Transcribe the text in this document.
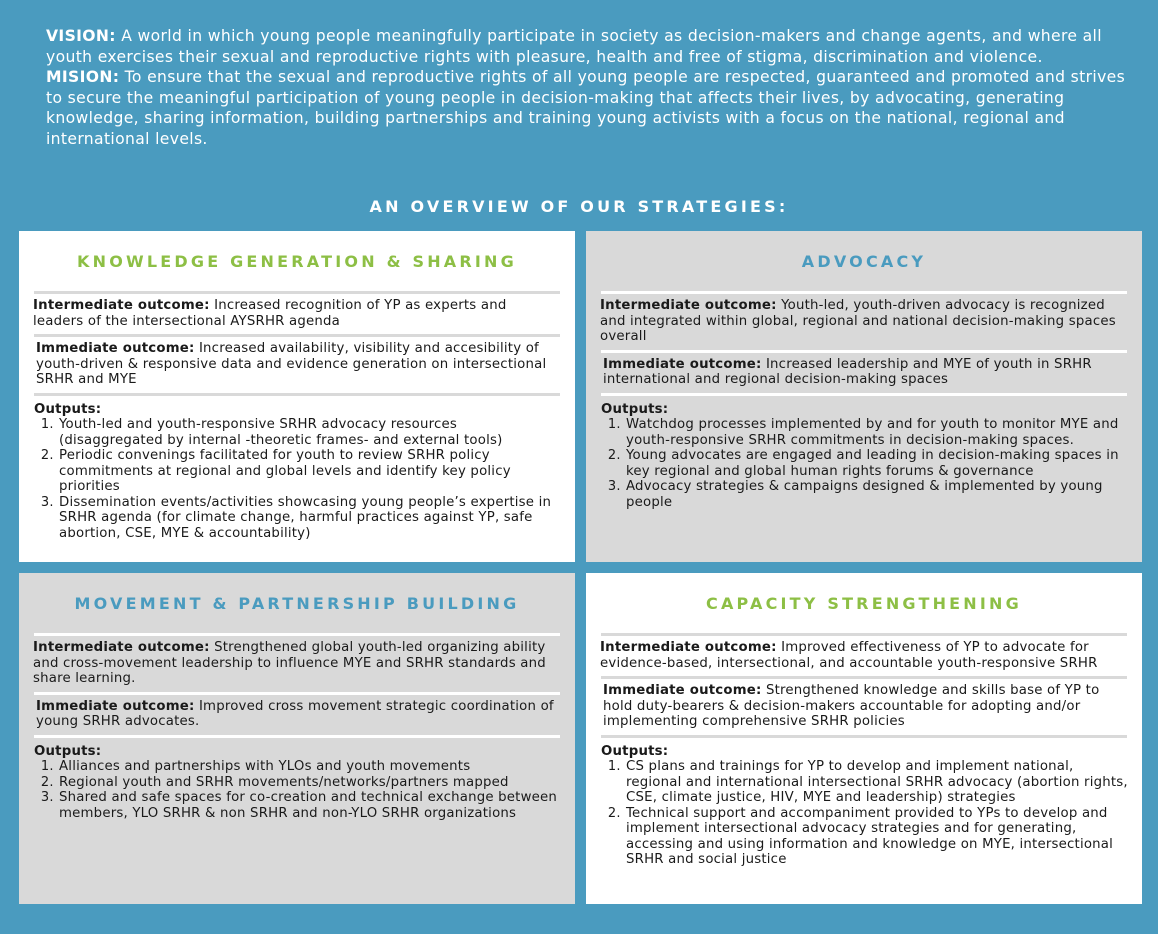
VISION: A world in which young people meaningfully participate in society as decision-makers and change agents, and where all youth exercises their sexual and reproductive rights with pleasure, health and free of stigma, discrimination and violence.

MISION: To ensure that the sexual and reproductive rights of all young people are respected, guaranteed and promoted and strives to secure the meaningful participation of young people in decision-making that affects their lives, by advocating, generating knowledge, sharing information, building partnerships and training young activists with a focus on the national, regional and international levels.

AN OVERVIEW OF OUR STRATEGIES:
KNOWLEDGE GENERATION & SHARING
Intermediate outcome: Increased recognition of YP as experts and leaders of the intersectional AYSRHR agenda
Immediate outcome: Increased availability, visibility and accesibility of youth-driven & responsive data and evidence generation on intersectional SRHR and MYE
Outputs:
1. Youth-led and youth-responsive SRHR advocacy resources (disaggregated by internal -theoretic frames- and external tools)
2. Periodic convenings facilitated for youth to review SRHR policy commitments at regional and global levels and identify key policy priorities
3. Dissemination events/activities showcasing young people’s expertise in SRHR agenda (for climate change, harmful practices against YP, safe abortion, CSE, MYE & accountability)
ADVOCACY
Intermediate outcome: Youth-led, youth-driven advocacy is recognized and integrated within global, regional and national decision-making spaces overall
Immediate outcome: Increased leadership and MYE of youth in SRHR international and regional decision-making spaces
Outputs:
1. Watchdog processes implemented by and for youth to monitor MYE and youth-responsive SRHR commitments in decision-making spaces.
2. Young advocates are engaged and leading in decision-making spaces in key regional and global human rights forums & governance
3. Advocacy strategies & campaigns designed & implemented by young people
MOVEMENT & PARTNERSHIP BUILDING
Intermediate outcome: Strengthened global youth-led organizing ability and cross-movement leadership to influence MYE and SRHR standards and share learning.
Immediate outcome: Improved cross movement strategic coordination of young SRHR advocates.
Outputs:
1. Alliances and partnerships with YLOs and youth movements
2. Regional youth and SRHR movements/networks/partners mapped
3. Shared and safe spaces for co-creation and technical exchange between members, YLO SRHR & non SRHR and non-YLO SRHR organizations
CAPACITY STRENGTHENING
Intermediate outcome: Improved effectiveness of YP to advocate for evidence-based, intersectional, and accountable youth-responsive SRHR
Immediate outcome: Strengthened knowledge and skills base of YP to hold duty-bearers & decision-makers accountable for adopting and/or implementing comprehensive SRHR policies
Outputs:
1. CS plans and trainings for YP to develop and implement national, regional and international intersectional SRHR advocacy (abortion rights, CSE, climate justice, HIV, MYE and leadership) strategies
2. Technical support and accompaniment provided to YPs to develop and implement intersectional advocacy strategies and for generating, accessing and using information and knowledge on MYE, intersectional SRHR and social justice
